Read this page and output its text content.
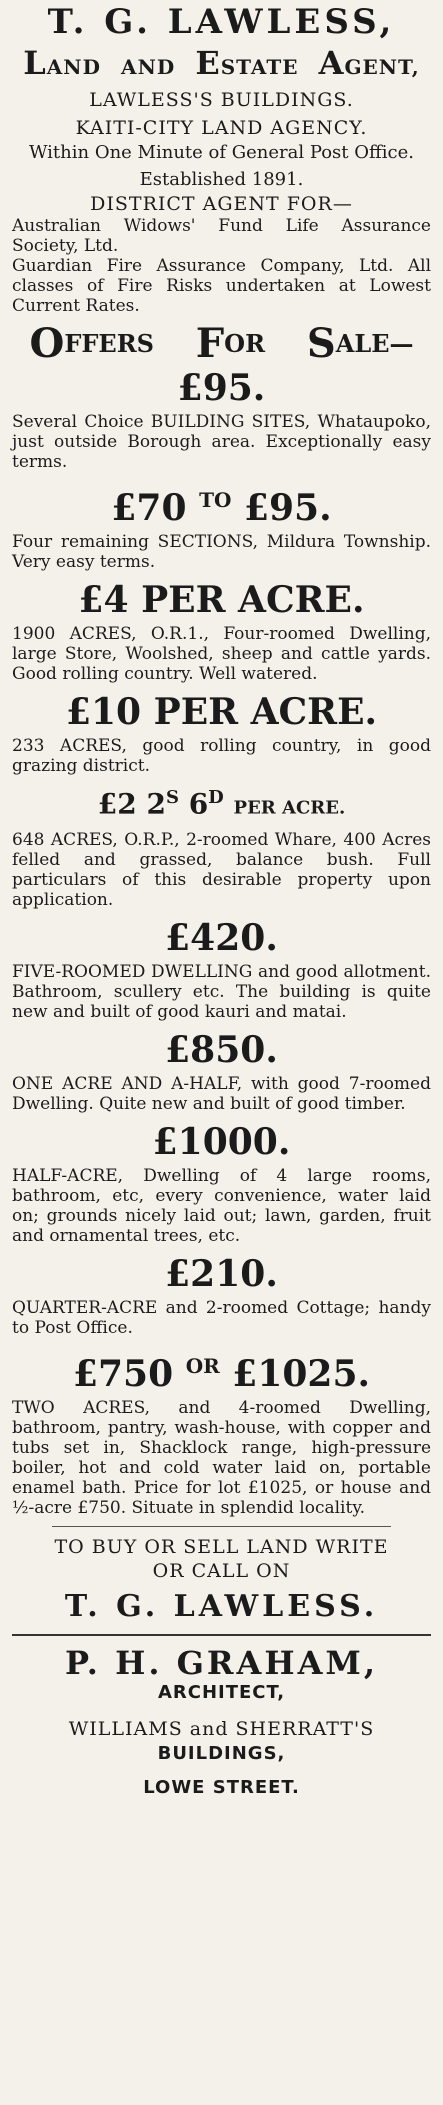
T. G. LAWLESS,
LAND AND ESTATE AGENT,
LAWLESS'S BUILDINGS.
KAITI-CITY LAND AGENCY.
Within One Minute of General Post Office.
Established 1891.
DISTRICT AGENT FOR—
Australian Widows' Fund Life Assurance Society, Ltd.
Guardian Fire Assurance Company, Ltd. All classes of Fire Risks undertaken at Lowest Current Rates.
$O^{FFERS}$ $F^{OR}$ $S^{ALE—}$
£95.
Several Choice BUILDING SITES, Whataupoko, just outside Borough area. Exceptionally easy terms.
£70 $^{TO}$ £95.
Four remaining SECTIONS, Mildura Township. Very easy terms.
£4 PER ACRE.
1900 ACRES, O.R.1., Four-roomed Dwelling, large Store, Woolshed, sheep and cattle yards. Good rolling country. Well watered.
£10 PER ACRE.
233 ACRES, good rolling country, in good grazing district.
£2 $2^S$ $6^D$ PER ACRE.
648 ACRES, O.R.P., 2-roomed Whare, 400 Acres felled and grassed, balance bush. Full particulars of this desirable property upon application.
£420.
FIVE-ROOMED DWELLING and good allotment. Bathroom, scullery etc. The building is quite new and built of good kauri and matai.
£850.
ONE ACRE AND A-HALF, with good 7-roomed Dwelling. Quite new and built of good timber.
£1000.
HALF-ACRE, Dwelling of 4 large rooms, bathroom, etc, every convenience, water laid on; grounds nicely laid out; lawn, garden, fruit and ornamental trees, etc.
£210.
QUARTER-ACRE and 2-roomed Cottage; handy to Post Office.
£750 $^{OR}$ £1025.
TWO ACRES, and 4-roomed Dwelling, bathroom, pantry, wash-house, with copper and tubs set in, Shacklock range, high-pressure boiler, hot and cold water laid on, portable enamel bath. Price for lot £1025, or house and ½-acre £750. Situate in splendid locality.
TO BUY OR SELL LAND WRITE
OR CALL ON
T. G. LAWLESS.
P. H. GRAHAM,
ARCHITECT,
WILLIAMS and SHERRATT'S
BUILDINGS,
LOWE STREET.
